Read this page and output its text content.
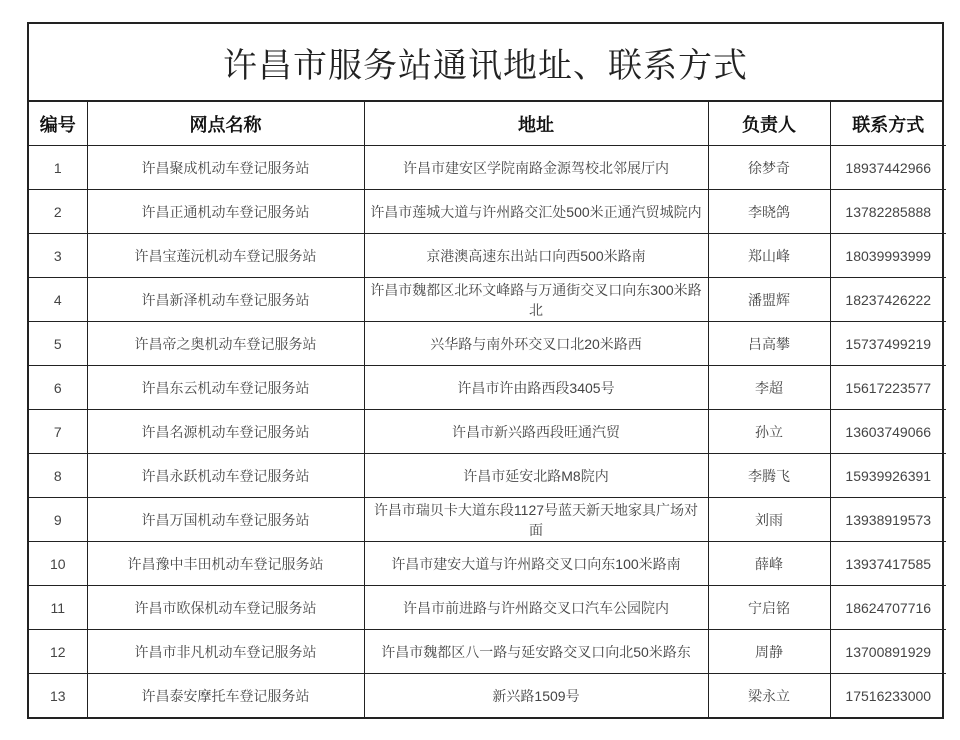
许昌市服务站通讯地址、联系方式
编号	网点名称	地址	负责人	联系方式
1	许昌聚成机动车登记服务站	许昌市建安区学院南路金源驾校北邻展厅内	徐梦奇	18937442966
2	许昌正通机动车登记服务站	许昌市莲城大道与许州路交汇处500米正通汽贸城院内	李晓鸽	13782285888
3	许昌宝莲沅机动车登记服务站	京港澳高速东出站口向西500米路南	郑山峰	18039993999
4	许昌新泽机动车登记服务站	许昌市魏都区北环文峰路与万通街交叉口向东300米路北	潘盟辉	18237426222
5	许昌帝之奥机动车登记服务站	兴华路与南外环交叉口北20米路西	吕高攀	15737499219
6	许昌东云机动车登记服务站	许昌市许由路西段3405号	李超	15617223577
7	许昌名源机动车登记服务站	许昌市新兴路西段旺通汽贸	孙立	13603749066
8	许昌永跃机动车登记服务站	许昌市延安北路M8院内	李腾飞	15939926391
9	许昌万国机动车登记服务站	许昌市瑞贝卡大道东段1127号蓝天新天地家具广场对面	刘雨	13938919573
10	许昌豫中丰田机动车登记服务站	许昌市建安大道与许州路交叉口向东100米路南	薛峰	13937417585
11	许昌市欧保机动车登记服务站	许昌市前进路与许州路交叉口汽车公园院内	宁启铭	18624707716
12	许昌市非凡机动车登记服务站	许昌市魏都区八一路与延安路交叉口向北50米路东	周静	13700891929
13	许昌泰安摩托车登记服务站	新兴路1509号	梁永立	17516233000
